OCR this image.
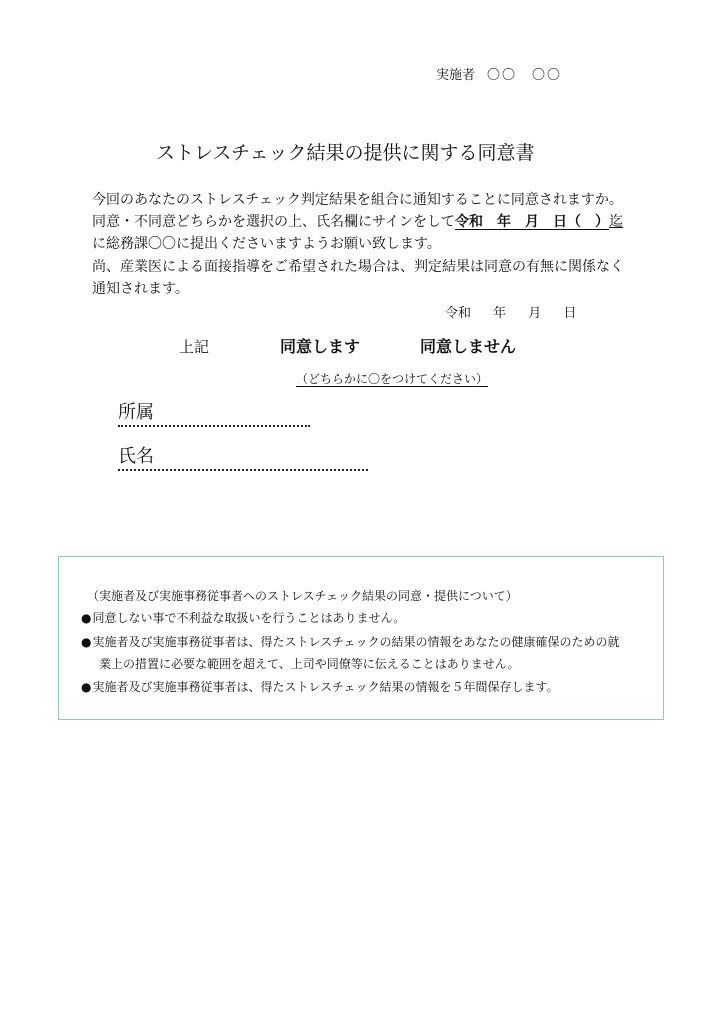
実施者 〇〇　〇〇
ストレスチェック結果の提供に関する同意書
今回のあなたのストレスチェック判定結果を組合に通知することに同意されますか。
同意・不同意どちらかを選択の上、氏名欄にサインをして令和　年　月　日（　）迄
に総務課〇〇に提出くださいますようお願い致します。
尚、産業医による面接指導をご希望された場合は、判定結果は同意の有無に関係なく
通知されます。
令和 年 月 日
上記	同意します	同意しません
（どちらかに〇をつけてください）
所属
氏名
（実施者及び実施事務従事者へのストレスチェック結果の同意・提供について）
●同意しない事で不利益な取扱いを行うことはありません。
●実施者及び実施事務従事者は、得たストレスチェックの結果の情報をあなたの健康確保のための就
業上の措置に必要な範囲を超えて、上司や同僚等に伝えることはありません。
●実施者及び実施事務従事者は、得たストレスチェック結果の情報を５年間保存します。
